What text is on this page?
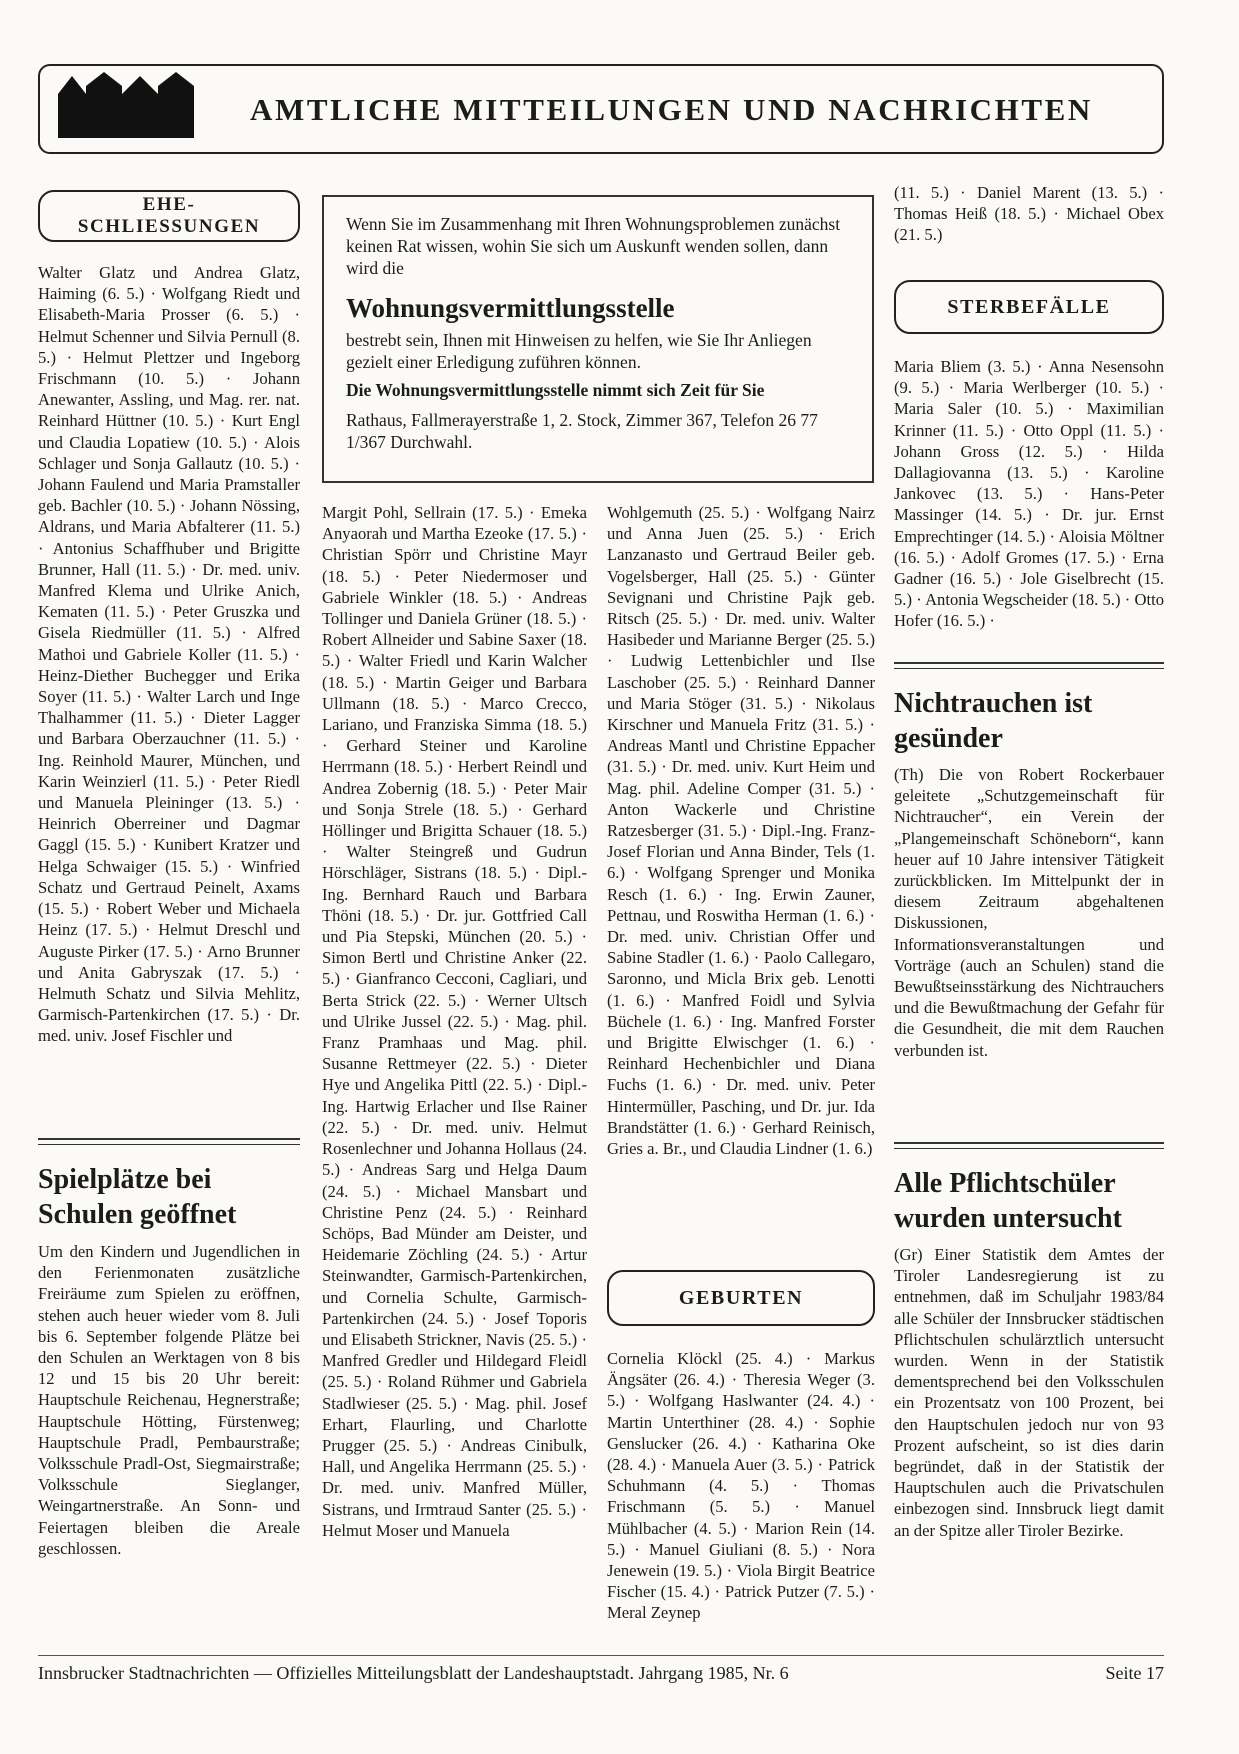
AMTLICHE MITTEILUNGEN UND NACHRICHTEN
EHE-
SCHLIESSUNGEN
Walter Glatz und Andrea Glatz, Haiming (6. 5.) · Wolfgang Riedt und Elisabeth-Maria Prosser (6. 5.) · Helmut Schenner und Silvia Pernull (8. 5.) · Helmut Plettzer und Ingeborg Frischmann (10. 5.) · Johann Anewanter, Assling, und Mag. rer. nat. Reinhard Hüttner (10. 5.) · Kurt Engl und Claudia Lopatiew (10. 5.) · Alois Schlager und Sonja Gallautz (10. 5.) · Johann Faulend und Maria Pramstaller geb. Bachler (10. 5.) · Johann Nössing, Aldrans, und Maria Abfalterer (11. 5.) · Antonius Schaffhuber und Brigitte Brunner, Hall (11. 5.) · Dr. med. univ. Manfred Klema und Ulrike Anich, Kematen (11. 5.) · Peter Gruszka und Gisela Riedmüller (11. 5.) · Alfred Mathoi und Gabriele Koller (11. 5.) · Heinz-Diether Buchegger und Erika Soyer (11. 5.) · Walter Larch und Inge Thalhammer (11. 5.) · Dieter Lagger und Barbara Oberzauchner (11. 5.) · Ing. Reinhold Maurer, München, und Karin Weinzierl (11. 5.) · Peter Riedl und Manuela Pleininger (13. 5.) · Heinrich Oberreiner und Dagmar Gaggl (15. 5.) · Kunibert Kratzer und Helga Schwaiger (15. 5.) · Winfried Schatz und Gertraud Peinelt, Axams (15. 5.) · Robert Weber und Michaela Heinz (17. 5.) · Helmut Dreschl und Auguste Pirker (17. 5.) · Arno Brunner und Anita Gabryszak (17. 5.) · Helmuth Schatz und Silvia Mehlitz, Garmisch-Partenkirchen (17. 5.) · Dr. med. univ. Josef Fischler und
Spielplätze bei Schulen geöffnet
Um den Kindern und Jugendlichen in den Ferienmonaten zusätzliche Freiräume zum Spielen zu eröffnen, stehen auch heuer wieder vom 8. Juli bis 6. September folgende Plätze bei den Schulen an Werktagen von 8 bis 12 und 15 bis 20 Uhr bereit: Hauptschule Reichenau, Hegnerstraße; Hauptschule Hötting, Fürstenweg; Hauptschule Pradl, Pembaurstraße; Volksschule Pradl-Ost, Siegmairstraße; Volksschule Sieglanger, Weingartnerstraße. An Sonn- und Feiertagen bleiben die Areale geschlossen.
Wenn Sie im Zusammenhang mit Ihren Wohnungsproblemen zunächst keinen Rat wissen, wohin Sie sich um Auskunft wenden sollen, dann wird die
Wohnungsvermittlungsstelle
bestrebt sein, Ihnen mit Hinweisen zu helfen, wie Sie Ihr Anliegen gezielt einer Erledigung zuführen können.
Die Wohnungsvermittlungsstelle nimmt sich Zeit für Sie
Rathaus, Fallmerayerstraße 1, 2. Stock, Zimmer 367, Telefon 26 77 1/367 Durchwahl.
Margit Pohl, Sellrain (17. 5.) · Emeka Anyaorah und Martha Ezeoke (17. 5.) · Christian Spörr und Christine Mayr (18. 5.) · Peter Niedermoser und Gabriele Winkler (18. 5.) · Andreas Tollinger und Daniela Grüner (18. 5.) · Robert Allneider und Sabine Saxer (18. 5.) · Walter Friedl und Karin Walcher (18. 5.) · Martin Geiger und Barbara Ullmann (18. 5.) · Marco Crecco, Lariano, und Franziska Simma (18. 5.) · Gerhard Steiner und Karoline Herrmann (18. 5.) · Herbert Reindl und Andrea Zobernig (18. 5.) · Peter Mair und Sonja Strele (18. 5.) · Gerhard Höllinger und Brigitta Schauer (18. 5.) · Walter Steingreß und Gudrun Hörschläger, Sistrans (18. 5.) · Dipl.-Ing. Bernhard Rauch und Barbara Thöni (18. 5.) · Dr. jur. Gottfried Call und Pia Stepski, München (20. 5.) · Simon Bertl und Christine Anker (22. 5.) · Gianfranco Cecconi, Cagliari, und Berta Strick (22. 5.) · Werner Ultsch und Ulrike Jussel (22. 5.) · Mag. phil. Franz Pramhaas und Mag. phil. Susanne Rettmeyer (22. 5.) · Dieter Hye und Angelika Pittl (22. 5.) · Dipl.-Ing. Hartwig Erlacher und Ilse Rainer (22. 5.) · Dr. med. univ. Helmut Rosenlechner und Johanna Hollaus (24. 5.) · Andreas Sarg und Helga Daum (24. 5.) · Michael Mansbart und Christine Penz (24. 5.) · Reinhard Schöps, Bad Münder am Deister, und Heidemarie Zöchling (24. 5.) · Artur Steinwandter, Garmisch-Partenkirchen, und Cornelia Schulte, Garmisch-Partenkirchen (24. 5.) · Josef Toporis und Elisabeth Strickner, Navis (25. 5.) · Manfred Gredler und Hildegard Fleidl (25. 5.) · Roland Rühmer und Gabriela Stadlwieser (25. 5.) · Mag. phil. Josef Erhart, Flaurling, und Charlotte Prugger (25. 5.) · Andreas Cinibulk, Hall, und Angelika Herrmann (25. 5.) · Dr. med. univ. Manfred Müller, Sistrans, und Irmtraud Santer (25. 5.) · Helmut Moser und Manuela
Wohlgemuth (25. 5.) · Wolfgang Nairz und Anna Juen (25. 5.) · Erich Lanzanasto und Gertraud Beiler geb. Vogelsberger, Hall (25. 5.) · Günter Sevignani und Christine Pajk geb. Ritsch (25. 5.) · Dr. med. univ. Walter Hasibeder und Marianne Berger (25. 5.) · Ludwig Lettenbichler und Ilse Laschober (25. 5.) · Reinhard Danner und Maria Stöger (31. 5.) · Nikolaus Kirschner und Manuela Fritz (31. 5.) · Andreas Mantl und Christine Eppacher (31. 5.) · Dr. med. univ. Kurt Heim und Mag. phil. Adeline Comper (31. 5.) · Anton Wackerle und Christine Ratzesberger (31. 5.) · Dipl.-Ing. Franz-Josef Florian und Anna Binder, Tels (1. 6.) · Wolfgang Sprenger und Monika Resch (1. 6.) · Ing. Erwin Zauner, Pettnau, und Roswitha Herman (1. 6.) · Dr. med. univ. Christian Offer und Sabine Stadler (1. 6.) · Paolo Callegaro, Saronno, und Micla Brix geb. Lenotti (1. 6.) · Manfred Foidl und Sylvia Büchele (1. 6.) · Ing. Manfred Forster und Brigitte Elwischger (1. 6.) · Reinhard Hechenbichler und Diana Fuchs (1. 6.) · Dr. med. univ. Peter Hintermüller, Pasching, und Dr. jur. Ida Brandstätter (1. 6.) · Gerhard Reinisch, Gries a. Br., und Claudia Lindner (1. 6.)
GEBURTEN
Cornelia Klöckl (25. 4.) · Markus Ängsäter (26. 4.) · Theresia Weger (3. 5.) · Wolfgang Haslwanter (24. 4.) · Martin Unterthiner (28. 4.) · Sophie Genslucker (26. 4.) · Katharina Oke (28. 4.) · Manuela Auer (3. 5.) · Patrick Schuhmann (4. 5.) · Thomas Frischmann (5. 5.) · Manuel Mühlbacher (4. 5.) · Marion Rein (14. 5.) · Manuel Giuliani (8. 5.) · Nora Jenewein (19. 5.) · Viola Birgit Beatrice Fischer (15. 4.) · Patrick Putzer (7. 5.) · Meral Zeynep
(11. 5.) · Daniel Marent (13. 5.) · Thomas Heiß (18. 5.) · Michael Obex (21. 5.)
STERBEFÄLLE
Maria Bliem (3. 5.) · Anna Nesensohn (9. 5.) · Maria Werlberger (10. 5.) · Maria Saler (10. 5.) · Maximilian Krinner (11. 5.) · Otto Oppl (11. 5.) · Johann Gross (12. 5.) · Hilda Dallagiovanna (13. 5.) · Karoline Jankovec (13. 5.) · Hans-Peter Massinger (14. 5.) · Dr. jur. Ernst Emprechtinger (14. 5.) · Aloisia Möltner (16. 5.) · Adolf Gromes (17. 5.) · Erna Gadner (16. 5.) · Jole Giselbrecht (15. 5.) · Antonia Wegscheider (18. 5.) · Otto Hofer (16. 5.) ·
Nichtrauchen ist gesünder
(Th) Die von Robert Rockerbauer geleitete „Schutzgemeinschaft für Nichtraucher“, ein Verein der „Plangemeinschaft Schöneborn“, kann heuer auf 10 Jahre intensiver Tätigkeit zurückblicken. Im Mittelpunkt der in diesem Zeitraum abgehaltenen Diskussionen, Informationsveranstaltungen und Vorträge (auch an Schulen) stand die Bewußtseinsstärkung des Nichtrauchers und die Bewußtmachung der Gefahr für die Gesundheit, die mit dem Rauchen verbunden ist.
Alle Pflichtschüler wurden untersucht
(Gr) Einer Statistik dem Amtes der Tiroler Landesregierung ist zu entnehmen, daß im Schuljahr 1983/84 alle Schüler der Innsbrucker städtischen Pflichtschulen schulärztlich untersucht wurden. Wenn in der Statistik dementsprechend bei den Volksschulen ein Prozentsatz von 100 Prozent, bei den Hauptschulen jedoch nur von 93 Prozent aufscheint, so ist dies darin begründet, daß in der Statistik der Hauptschulen auch die Privatschulen einbezogen sind. Innsbruck liegt damit an der Spitze aller Tiroler Bezirke.
Innsbrucker Stadtnachrichten — Offizielles Mitteilungsblatt der Landeshauptstadt. Jahrgang 1985, Nr. 6	Seite 17
